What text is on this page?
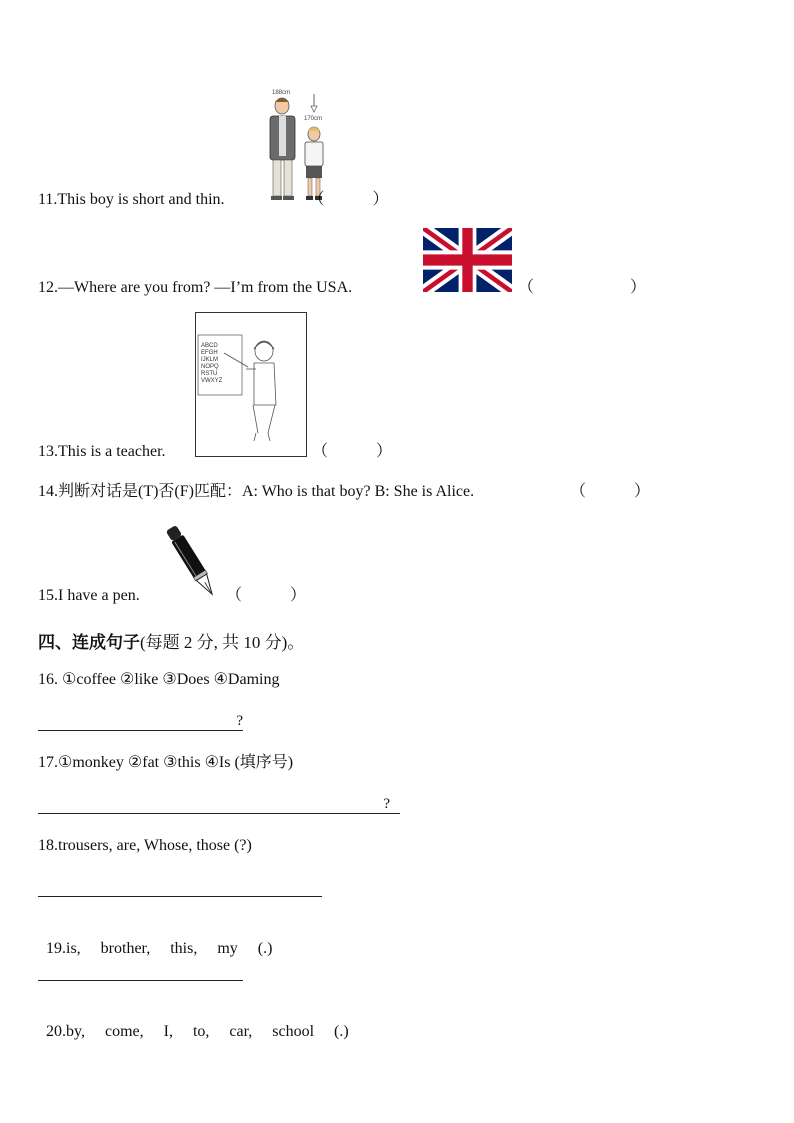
188cm
170cm
11.This boy is short and thin.	（　　　）
12.—Where are you from? —I’m from the USA.	（　　　　　　）
ABCD
EFGH
IJKLM
NOPQ
RSTU
VWXYZ
13.This is a teacher.	（　　　）
14.判断对话是(T)否(F)匹配：A: Who is that boy? B: She is Alice.	（　　　）
15.I have a pen.	（　　　）
四、连成句子(每题 2 分, 共 10 分)。
16. ①coffee ②like ③Does ④Daming
?
17.①monkey ②fat ③this ④Is (填序号)
?
18.trousers, are, Whose, those (?)

19.is,     brother,     this,     my     (.)

20.by,     come,     I,     to,     car,     school     (.)
